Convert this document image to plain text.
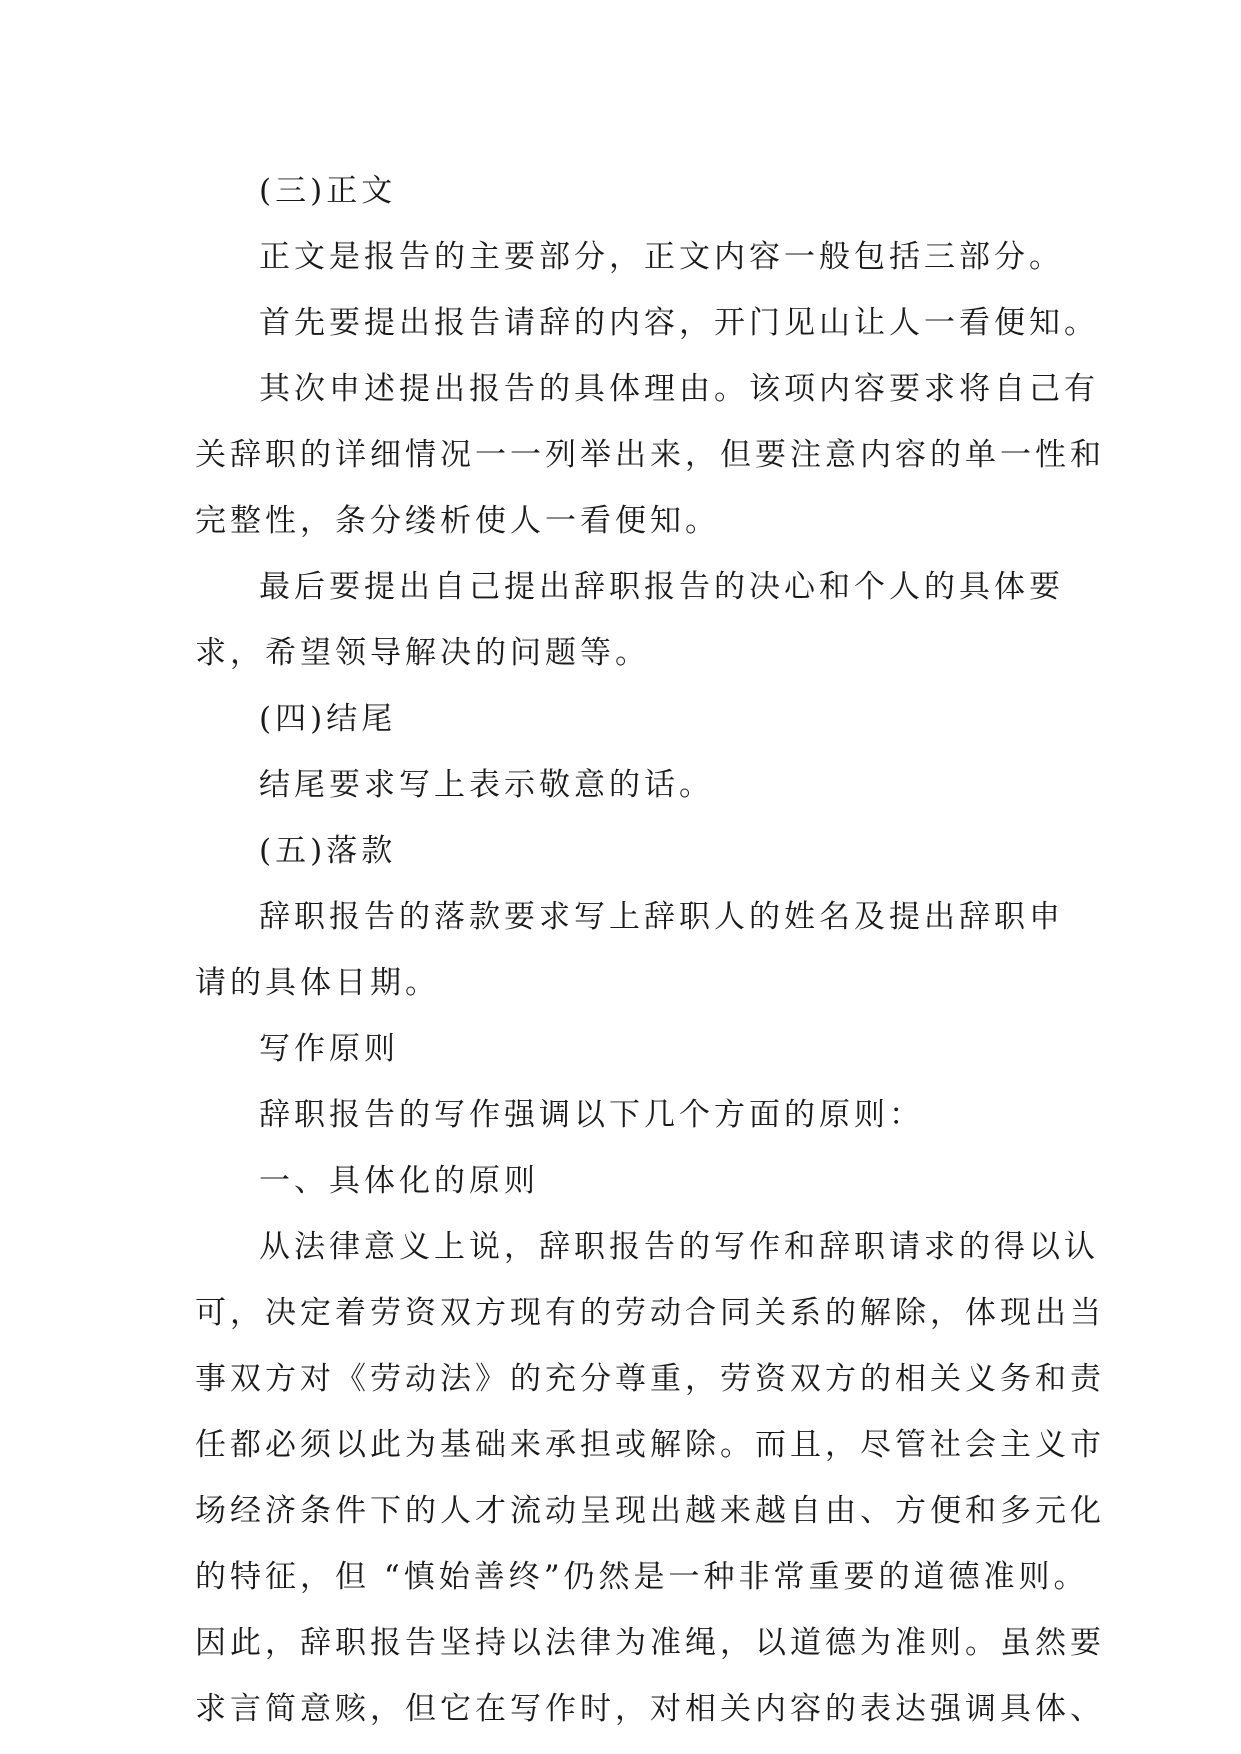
(三)正文
正文是报告的主要部分，正文内容一般包括三部分。
首先要提出报告请辞的内容，开门见山让人一看便知。
其次申述提出报告的具体理由。该项内容要求将自己有
关辞职的详细情况一一列举出来，但要注意内容的单一性和
完整性，条分缕析使人一看便知。
最后要提出自己提出辞职报告的决心和个人的具体要
求，希望领导解决的问题等。
(四)结尾
结尾要求写上表示敬意的话。
(五)落款
辞职报告的落款要求写上辞职人的姓名及提出辞职申
请的具体日期。
写作原则
辞职报告的写作强调以下几个方面的原则：
一、具体化的原则
从法律意义上说，辞职报告的写作和辞职请求的得以认
可，决定着劳资双方现有的劳动合同关系的解除，体现出当
事双方对《劳动法》的充分尊重，劳资双方的相关义务和责
任都必须以此为基础来承担或解除。而且，尽管社会主义市
场经济条件下的人才流动呈现出越来越自由、方便和多元化
的特征，但 “慎始善终”仍然是一种非常重要的道德准则。
因此，辞职报告坚持以法律为准绳，以道德为准则。虽然要
求言简意赅，但它在写作时，对相关内容的表达强调具体、
